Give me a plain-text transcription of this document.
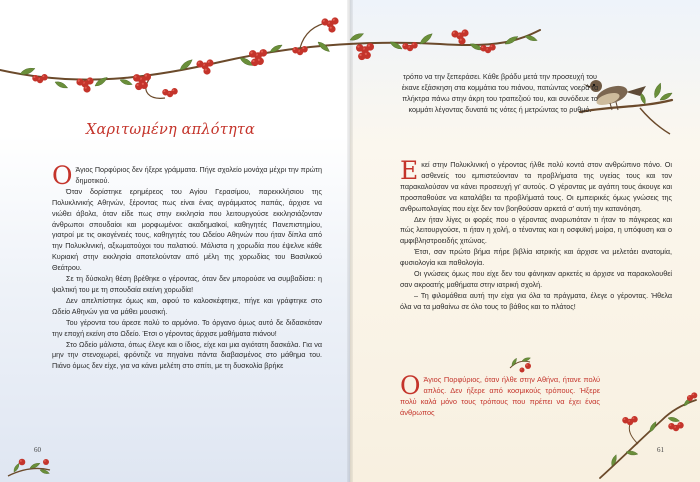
Χαριτωμένη απλότητα

Ο Άγιος Πορφύριος δεν ήξερε γράμματα. Πήγε σχολείο μονάχα μέχρι την πρώτη δημοτικού.

Όταν δορίστηκε ερημέρεος του Αγίου Γερασίμου, παρεκκλήσιου της Πολυκλινικής Αθηνών, ξέροντας πως είναι ένας αγράμματος παπάς, άρχισε να νιώθει άβολα, όταν είδε πως στην εκκλησία που λειτουργούσε εκκλησιάζονταν άνθρωποι σπουδαίοι και μορφωμένοι: ακαδημαϊκοί, καθηγητές Πανεπιστημίου, γιατροί με τις οικογένειές τους, καθηγητές του Ωδείου Αθηνών που ήταν δίπλα από την Πολυκλινική, αξιωματούχοι του παλατιού. Μάλιστα η χορωδία που έψελνε κάθε Κυριακή στην εκκλησία αποτελούνταν από μέλη της χορωδίας του Βασιλικού Θεάτρου.

Σε τη δύσκολη θέση βρέθηκε ο γέροντας, όταν δεν μπορούσε να συμβαδίσει: η ψαλτική του με τη σπουδαία εκείνη χορωδία!

Δεν απελπίστηκε όμως και, αφού το καλοσκέφτηκε, πήγε και γράφτηκε στο Ωδείο Αθηνών για να μάθει μουσική.

Του γέροντα του άρεσε πολύ το αρμόνιο. Το όργανο όμως αυτό δε διδασκόταν την εποχή εκείνη στο Ωδείο. Έτσι ο γέροντας άρχισε μαθήματα πιάνου!

Στο Ωδείο μάλιστα, όπως έλεγε και ο ίδιος, είχε και μια αγιότατη δασκάλα. Για να μην την στενοχωρεί, φρόντιζε να πηγαίνει πάντα διαβασμένος στο μάθημα του. Πιάνο όμως δεν είχε, για να κάνει μελέτη στο σπίτι, με τη δυσκολία βρήκε

τρόπο να την ξεπεράσει. Κάθε βράδυ μετά την προσευχή του έκανε εξάσκηση στα κομμάτια του πιάνου, πατώντας νοερά τα πλήκτρα πάνω στην άκρη του τραπεζιού του, και συνόδευε το κομμάτι λέγοντας δυνατά τις νότες ή μετρώντας το ρυθμό.

Εκεί στην Πολυκλινική ο γέροντας ήλθε πολύ κοντά στον ανθρώπινο πόνο. Οι ασθενείς του εμπιστεύονταν τα προβλήματα της υγείας τους και τον παρακαλούσαν να κάνει προσευχή γι' αυτούς. Ο γέροντας με αγάπη τους άκουγε και προσπαθούσε να καταλάβει τα προβλήματά τους. Οι εμπειρικές όμως γνώσεις της ανθρωπολογίας που είχε δεν τον βοηθούσαν αρκετά σ' αυτή την κατανόηση.

Δεν ήταν λίγες οι φορές που ο γέροντας αναρωτιόταν τι ήταν το πάγκρεας και πώς λειτουργούσε, τι ήταν η χολή, ο τένοντας και η οσφυϊκή μοίρα, η υπόφυση και ο αμφιβληστροειδής χιτώνας.

Έτσι, σαν πρώτο βήμα πήρε βιβλία ιατρικής και άρχισε να μελετάει ανατομία, φυσιολογία και παθολογία.

Οι γνώσεις όμως που είχε δεν του φάνηκαν αρκετές κι άρχισε να παρακολουθεί σαν ακροατής μαθήματα στην ιατρική σχολή.

– Τη φιλομάθεια αυτή την είχα για όλα τα πράγματα, έλεγε ο γέροντας. Ήθελα όλα να τα μαθαίνω σε όλο τους το βάθος και το πλάτος!

Ο Άγιος Πορφύριος, όταν ήλθε στην Αθήνα, ήτανε πολύ απλός. Δεν ήξερε από κοσμικούς τρόπους. Ήξερε πολύ καλά μόνο τους τρόπους που πρέπει να έχει ένας άνθρωπος

60	61
